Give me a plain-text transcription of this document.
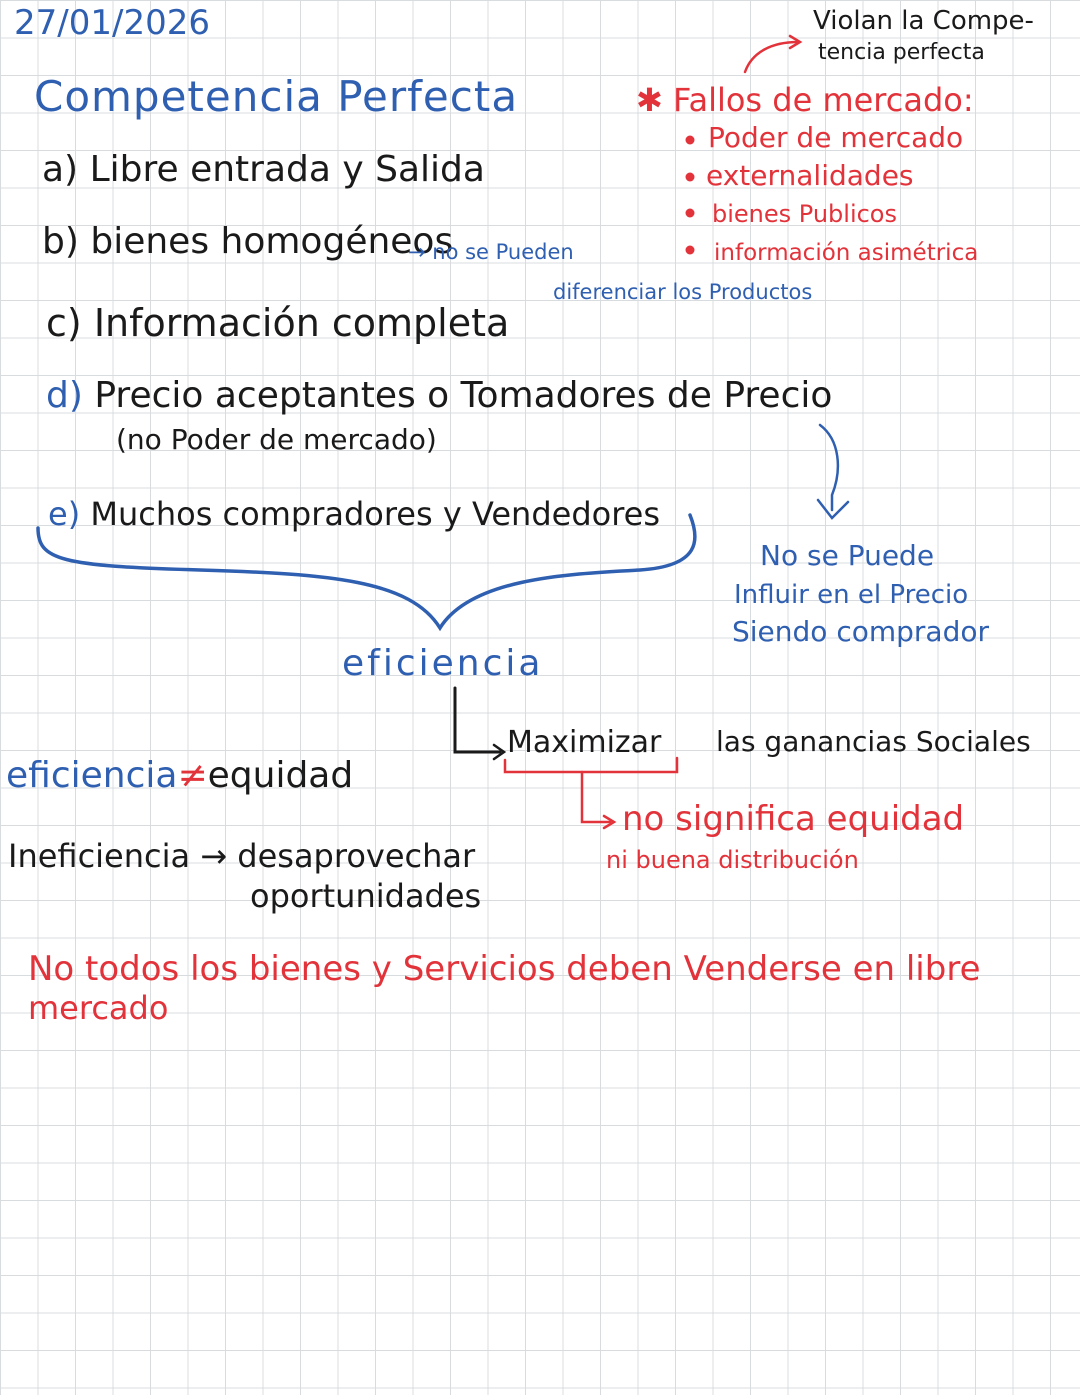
27/01/2026
Competencia Perfecta
a) Libre entrada y Salida
b) bienes homogéneos
→ no se Pueden
diferenciar los Productos
c) Información completa
d) Precio aceptantes o Tomadores de Precio
(no Poder de mercado)
e) Muchos compradores y Vendedores
Violan la Compe-
tencia perfecta
✱ Fallos de mercado:
Poder de mercado
externalidades
bienes Publicos
información asimétrica
No se Puede
Influir en el Precio
Siendo comprador
eficiencia
Maximizar las ganancias Sociales
no significa equidad
ni buena distribución
eficiencia≠equidad
Ineficiencia → desaprovechar
oportunidades
No todos los bienes y Servicios deben Venderse en libre
mercado
